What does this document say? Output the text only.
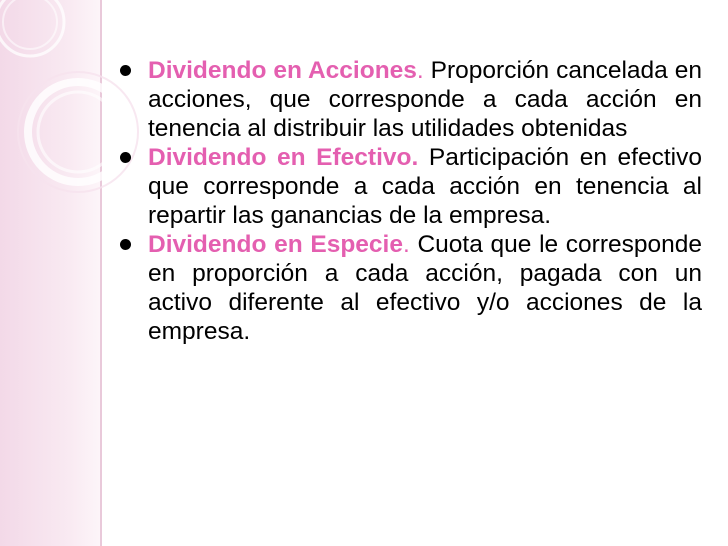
Dividendo en Acciones. Proporción cancelada en acciones, que corresponde a cada acción en tenencia al distribuir las utilidades obtenidas
Dividendo en Efectivo. Participación en efectivo que corresponde a cada acción en tenencia al repartir las ganancias de la empresa.
Dividendo en Especie. Cuota que le corresponde en proporción a cada acción, pagada con un activo diferente al efectivo y/o acciones de la empresa.
